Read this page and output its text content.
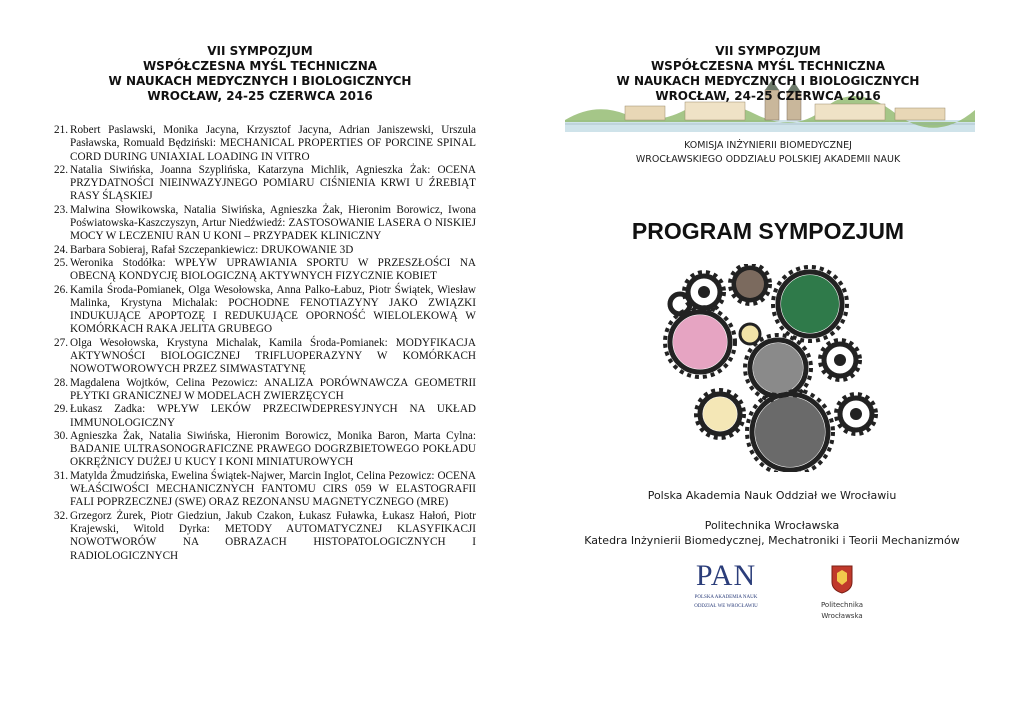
VII SYMPOZJUM
WSPÓŁCZESNA MYŚL TECHNICZNA
W NAUKACH MEDYCZNYCH I BIOLOGICZNYCH
WROCŁAW, 24-25 CZERWCA 2016
21. Robert Paslawski, Monika Jacyna, Krzysztof Jacyna, Adrian Janiszewski, Urszula Pasławska, Romuald Będziński: MECHANICAL PROPERTIES OF PORCINE SPINAL CORD DURING UNIAXIAL LOADING IN VITRO
22. Natalia Siwińska, Joanna Szyplińska, Katarzyna Michlik, Agnieszka Żak: OCENA PRZYDATNOŚCI NIEINWAZYJNEGO POMIARU CIŚNIENIA KRWI U ŹREBIĄT RASY ŚLĄSKIEJ
23. Malwina Słowikowska, Natalia Siwińska, Agnieszka Żak, Hieronim Borowicz, Iwona Poświatowska-Kaszczyszyn, Artur Niedźwiedź: ZASTOSOWANIE LASERA O NISKIEJ MOCY W LECZENIU RAN U KONI – PRZYPADEK KLINICZNY
24. Barbara Sobieraj, Rafał Szczepankiewicz: DRUKOWANIE 3D
25. Weronika Stodółka: WPŁYW UPRAWIANIA SPORTU W PRZESZŁOŚCI NA OBECNĄ KONDYCJĘ BIOLOGICZNĄ AKTYWNYCH FIZYCZNIE KOBIET
26. Kamila Środa-Pomianek, Olga Wesołowska, Anna Palko-Łabuz, Piotr Świątek, Wiesław Malinka, Krystyna Michalak: POCHODNE FENOTIAZYNY JAKO ZWIĄZKI INDUKUJĄCE APOPTOZĘ I REDUKUJĄCE OPORNOŚĆ WIELOLEKOWĄ W KOMÓRKACH RAKA JELITA GRUBEGO
27. Olga Wesołowska, Krystyna Michalak, Kamila Środa-Pomianek: MODYFIKACJA AKTYWNOŚCI BIOLOGICZNEJ TRIFLUOPERAZYNY W KOMÓRKACH NOWOTWOROWYCH PRZEZ SIMWASTATYNĘ
28. Magdalena Wojtków, Celina Pezowicz: ANALIZA PORÓWNAWCZA GEOMETRII PŁYTKI GRANICZNEJ W MODELACH ZWIERZĘCYCH
29. Łukasz Zadka: WPŁYW LEKÓW PRZECIWDEPRESYJNYCH NA UKŁAD IMMUNOLOGICZNY
30. Agnieszka Żak, Natalia Siwińska, Hieronim Borowicz, Monika Baron, Marta Cylna: BADANIE ULTRASONOGRAFICZNE PRAWEGO DOGRZBIETOWEGO POKŁADU OKRĘŻNICY DUŻEJ U KUCY I KONI MINIATUROWYCH
31. Matylda Żmudzińska, Ewelina Świątek-Najwer, Marcin Inglot, Celina Pezowicz: OCENA WŁAŚCIWOŚCI MECHANICZNYCH FANTOMU CIRS 059 W ELASTOGRAFII FALI POPRZECZNEJ (SWE) ORAZ REZONANSU MAGNETYCZNEGO (MRE)
32. Grzegorz Żurek, Piotr Giedziun, Jakub Czakon, Łukasz Fuławka, Łukasz Hałoń, Piotr Krajewski, Witold Dyrka: METODY AUTOMATYCZNEJ KLASYFIKACJI NOWOTWORÓW NA OBRAZACH HISTOPATOLOGICZNYCH I RADIOLOGICZNYCH
VII SYMPOZJUM
WSPÓŁCZESNA MYŚL TECHNICZNA
W NAUKACH MEDYCZNYCH I BIOLOGICZNYCH
WROCŁAW, 24-25 CZERWCA 2016
KOMISJA INŻYNIERII BIOMEDYCZNEJ
WROCŁAWSKIEGO ODDZIAŁU POLSKIEJ AKADEMII NAUK
PROGRAM SYMPOZJUM
Polska Akademia Nauk Oddział we Wrocławiu
Politechnika Wrocławska
Katedra Inżynierii Biomedycznej, Mechatroniki i Teorii Mechanizmów
PAN
POLSKA AKADEMIA NAUK
ODDZIAŁ WE WROCŁAWIU	Politechnika
Wrocławska
